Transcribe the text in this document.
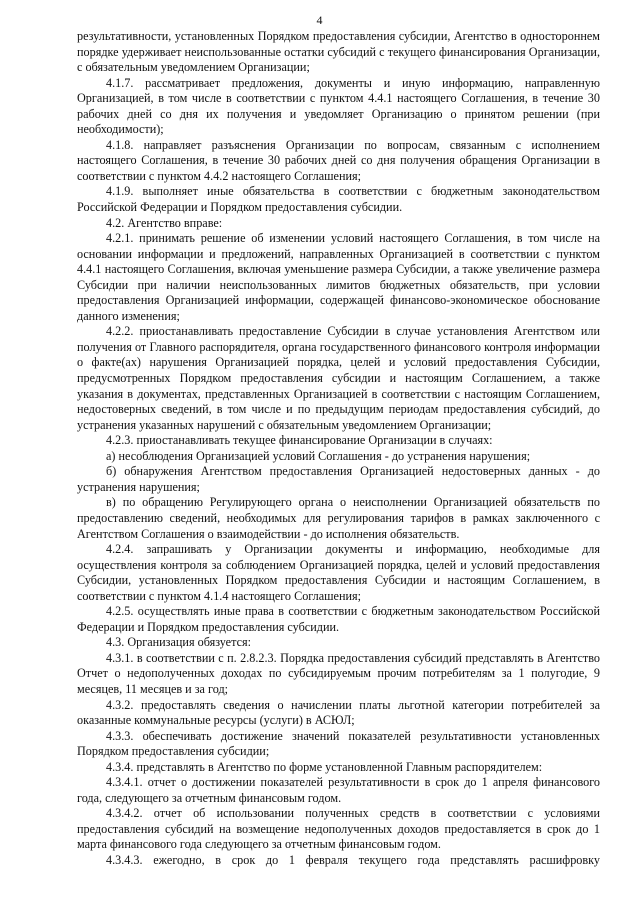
4

результативности, установленных Порядком предоставления субсидии, Агентство в одностороннем порядке удерживает неиспользованные остатки субсидий с текущего финансирования Организации, с обязательным уведомлением Организации;

4.1.7. рассматривает предложения, документы и иную информацию, направленную Организацией, в том числе в соответствии с пунктом 4.4.1 настоящего Соглашения, в течение 30 рабочих дней со дня их получения и уведомляет Организацию о принятом решении (при необходимости);

4.1.8. направляет разъяснения Организации по вопросам, связанным с исполнением настоящего Соглашения, в течение 30 рабочих дней со дня получения обращения Организации в соответствии с пунктом 4.4.2 настоящего Соглашения;

4.1.9. выполняет иные обязательства в соответствии с бюджетным законодательством Российской Федерации и Порядком предоставления субсидии.

4.2. Агентство вправе:

4.2.1. принимать решение об изменении условий настоящего Соглашения, в том числе на основании информации и предложений, направленных Организацией в соответствии с пунктом 4.4.1 настоящего Соглашения, включая уменьшение размера Субсидии, а также увеличение размера Субсидии при наличии неиспользованных лимитов бюджетных обязательств, при условии предоставления Организацией информации, содержащей финансово-экономическое обоснование данного изменения;

4.2.2. приостанавливать предоставление Субсидии в случае установления Агентством или получения от Главного распорядителя, органа государственного финансового контроля информации о факте(ах) нарушения Организацией порядка, целей и условий предоставления Субсидии, предусмотренных Порядком предоставления субсидии и настоящим Соглашением, а также указания в документах, представленных Организацией в соответствии с настоящим Соглашением, недостоверных сведений, в том числе и по предыдущим периодам предоставления субсидий, до устранения указанных нарушений с обязательным уведомлением Организации;

4.2.3. приостанавливать текущее финансирование Организации в случаях:

а) несоблюдения Организацией условий Соглашения - до устранения нарушения;

б) обнаружения Агентством предоставления Организацией недостоверных данных - до устранения нарушения;

в) по обращению Регулирующего органа о неисполнении Организацией обязательств по предоставлению сведений, необходимых для регулирования тарифов в рамках заключенного с Агентством Соглашения о взаимодействии - до исполнения обязательств.

4.2.4. запрашивать у Организации документы и информацию, необходимые для осуществления контроля за соблюдением Организацией порядка, целей и условий предоставления Субсидии, установленных Порядком предоставления Субсидии и настоящим Соглашением, в соответствии с пунктом 4.1.4 настоящего Соглашения;

4.2.5. осуществлять иные права в соответствии с бюджетным законодательством Российской Федерации и Порядком предоставления субсидии.

4.3. Организация обязуется:

4.3.1. в соответствии с п. 2.8.2.3. Порядка предоставления субсидий представлять в Агентство Отчет о недополученных доходах по субсидируемым прочим потребителям за 1 полугодие, 9 месяцев, 11 месяцев и за год;

4.3.2. предоставлять сведения о начислении платы льготной категории потребителей за оказанные коммунальные ресурсы (услуги) в АСЮЛ;

4.3.3. обеспечивать достижение значений показателей результативности установленных Порядком предоставления субсидии;

4.3.4. представлять в Агентство по форме установленной Главным распорядителем:

4.3.4.1. отчет о достижении показателей результативности в срок до 1 апреля финансового года, следующего за отчетным финансовым годом.

4.3.4.2. отчет об использовании полученных средств в соответствии с условиями предоставления субсидий на возмещение недополученных доходов предоставляется в срок до 1 марта финансового года следующего за отчетным финансовым годом.

4.3.4.3. ежегодно, в срок до 1 февраля текущего года представлять расшифровку
